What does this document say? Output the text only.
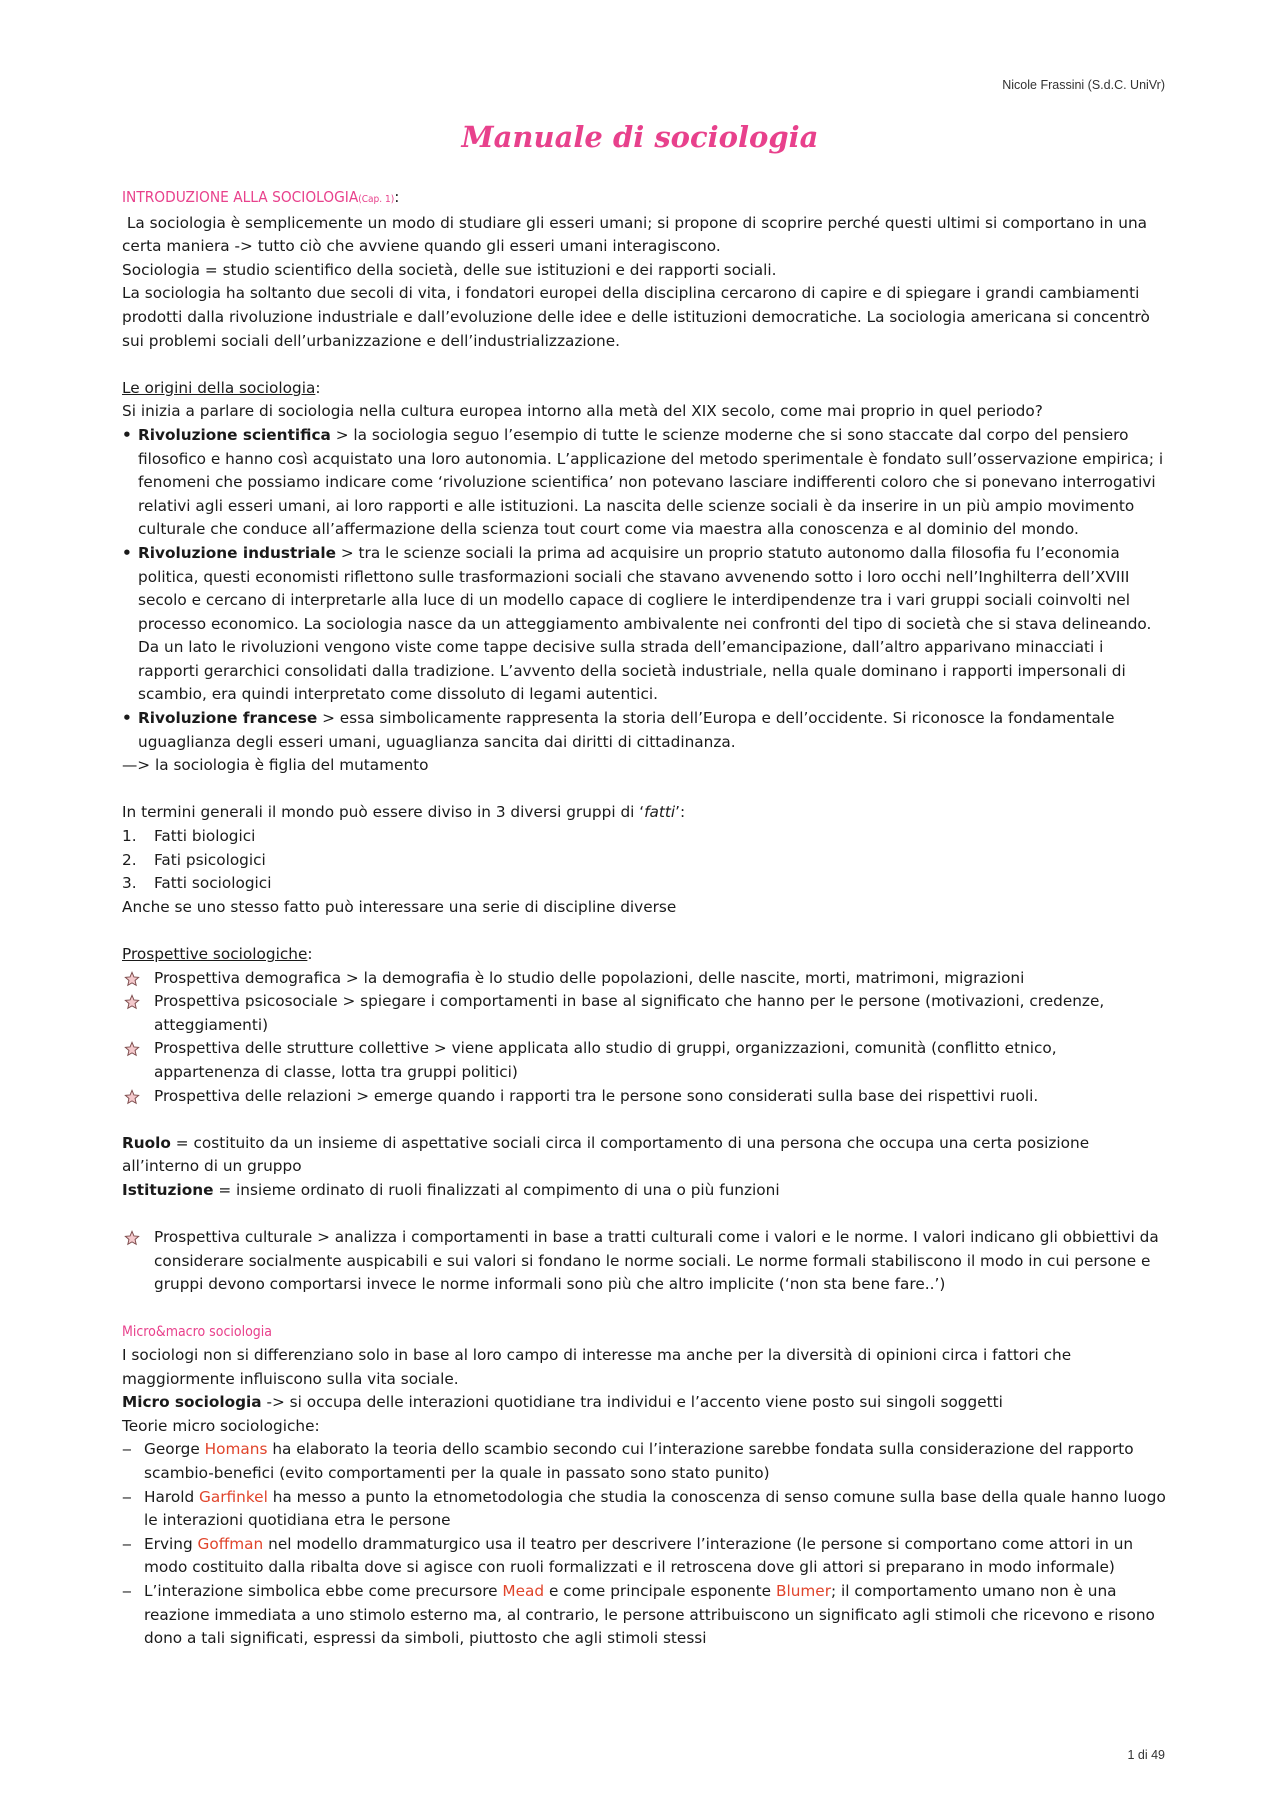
Nicole Frassini (S.d.C. UniVr)
Manuale di sociologia

INTRODUZIONE ALLA SOCIOLOGIA(Cap. 1):

La sociologia è semplicemente un modo di studiare gli esseri umani; si propone di scoprire perché questi ultimi si comportano in una certa maniera -> tutto ciò che avviene quando gli esseri umani interagiscono.

Sociologia = studio scientifico della società, delle sue istituzioni e dei rapporti sociali.

La sociologia ha soltanto due secoli di vita, i fondatori europei della disciplina cercarono di capire e di spiegare i grandi cambiamenti prodotti dalla rivoluzione industriale e dall’evoluzione delle idee e delle istituzioni democratiche. La sociologia americana si concentrò sui problemi sociali dell’urbanizzazione e dell’industrializzazione.

Le origini della sociologia:

Si inizia a parlare di sociologia nella cultura europea intorno alla metà del XIX secolo, come mai proprio in quel periodo?

• Rivoluzione scientifica > la sociologia seguo l’esempio di tutte le scienze moderne che si sono staccate dal corpo del pensiero filosofico e hanno così acquistato una loro autonomia. L’applicazione del metodo sperimentale è fondato sull’osservazione empirica; i fenomeni che possiamo indicare come ‘rivoluzione scientifica’ non potevano lasciare indifferenti coloro che si ponevano interrogativi relativi agli esseri umani, ai loro rapporti e alle istituzioni. La nascita delle scienze sociali è da inserire in un più ampio movimento culturale che conduce all’affermazione della scienza tout court come via maestra alla conoscenza e al dominio del mondo.
• Rivoluzione industriale > tra le scienze sociali la prima ad acquisire un proprio statuto autonomo dalla filosofia fu l’economia politica, questi economisti riflettono sulle trasformazioni sociali che stavano avvenendo sotto i loro occhi nell’Inghilterra dell’XVIII secolo e cercano di interpretarle alla luce di un modello capace di cogliere le interdipendenze tra i vari gruppi sociali coinvolti nel processo economico. La sociologia nasce da un atteggiamento ambivalente nei confronti del tipo di società che si stava delineando. Da un lato le rivoluzioni vengono viste come tappe decisive sulla strada dell’emancipazione, dall’altro apparivano minacciati i rapporti gerarchici consolidati dalla tradizione. L’avvento della società industriale, nella quale dominano i rapporti impersonali di scambio, era quindi interpretato come dissoluto di legami autentici.
• Rivoluzione francese > essa simbolicamente rappresenta la storia dell’Europa e dell’occidente. Si riconosce la fondamentale uguaglianza degli esseri umani, uguaglianza sancita dai diritti di cittadinanza.

—> la sociologia è figlia del mutamento

In termini generali il mondo può essere diviso in 3 diversi gruppi di ‘fatti’:

1. Fatti biologici
2. Fati psicologici
3. Fatti sociologici

Anche se uno stesso fatto può interessare una serie di discipline diverse

Prospettive sociologiche:

Prospettiva demografica > la demografia è lo studio delle popolazioni, delle nascite, morti, matrimoni, migrazioni
Prospettiva psicosociale > spiegare i comportamenti in base al significato che hanno per le persone (motivazioni, credenze, atteggiamenti)
Prospettiva delle strutture collettive > viene applicata allo studio di gruppi, organizzazioni, comunità (conflitto etnico, appartenenza di classe, lotta tra gruppi politici)
Prospettiva delle relazioni > emerge quando i rapporti tra le persone sono considerati sulla base dei rispettivi ruoli.

Ruolo = costituito da un insieme di aspettative sociali circa il comportamento di una persona che occupa una certa posizione all’interno di un gruppo

Istituzione = insieme ordinato di ruoli finalizzati al compimento di una o più funzioni

Prospettiva culturale > analizza i comportamenti in base a tratti culturali come i valori e le norme. I valori indicano gli obbiettivi da considerare socialmente auspicabili e sui valori si fondano le norme sociali. Le norme formali stabiliscono il modo in cui persone e gruppi devono comportarsi invece le norme informali sono più che altro implicite (‘non sta bene fare..’)

Micro&macro sociologia

I sociologi non si differenziano solo in base al loro campo di interesse ma anche per la diversità di opinioni circa i fattori che maggiormente influiscono sulla vita sociale.

Micro sociologia -> si occupa delle interazioni quotidiane tra individui e l’accento viene posto sui singoli soggetti

Teorie micro sociologiche:

‒ George Homans ha elaborato la teoria dello scambio secondo cui l’interazione sarebbe fondata sulla considerazione del rapporto scambio-benefici (evito comportamenti per la quale in passato sono stato punito)
‒ Harold Garfinkel ha messo a punto la etnometodologia che studia la conoscenza di senso comune sulla base della quale hanno luogo le interazioni quotidiana etra le persone
‒ Erving Goffman nel modello drammaturgico usa il teatro per descrivere l’interazione (le persone si comportano come attori in un modo costituito dalla ribalta dove si agisce con ruoli formalizzati e il retroscena dove gli attori si preparano in modo informale)
‒ L’interazione simbolica ebbe come precursore Mead e come principale esponente Blumer; il comportamento umano non è una reazione immediata a uno stimolo esterno ma, al contrario, le persone attribuiscono un significato agli stimoli che ricevono e risono dono a tali significati, espressi da simboli, piuttosto che agli stimoli stessi
1 di 49
